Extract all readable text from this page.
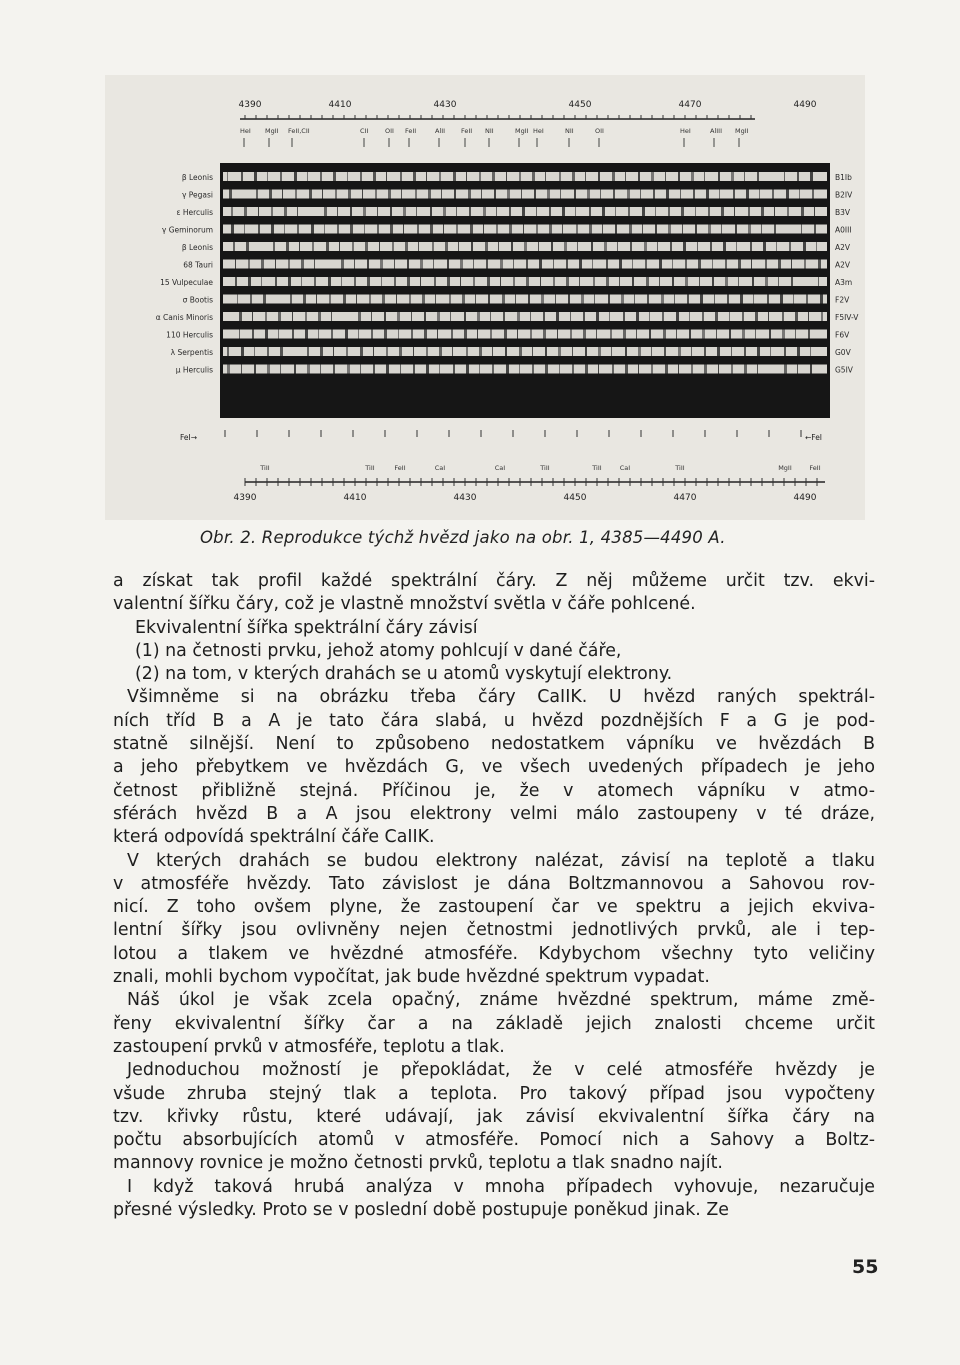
4390	4410	4430	4450	4470	4490
HeI MgII FeII,CII	CII	OII FeII	AlII FeII NII	MgII HeI	NII	OII	HeI	AlIII MgII
β Leonis	B1Ib
γ Pegasi	B2IV
ε Herculis	B3V
γ Geminorum	A0III
β Leonis	A2V
68 Tauri	A2V
15 Vulpeculae	A3m
σ Bootis	F2V
α Canis Minoris	F5IV-V
110 Herculis	F6V
λ Serpentis	G0V
μ Herculis	G5IV
FeI→	←FeI
TiII	TiII	FeII	CaI	CaI	TiII	TiII	CaI	TiII	MgII	FeII
4390	4410	4430	4450	4470	4490
Obr. 2. Reprodukce týchž hvězd jako na obr. 1, 4385—4490 A.

a získat tak profil každé spektrální čáry. Z něj můžeme určit tzv. ekvi-
valentní šířku čáry, což je vlastně množství světla v čáře pohlcené.

Ekvivalentní šířka spektrální čáry závisí

(1) na četnosti prvku, jehož atomy pohlcují v dané čáře,

(2) na tom, v kterých drahách se u atomů vyskytují elektrony.

Všimněme si na obrázku třeba čáry CaIIK. U hvězd raných spektrál-
ních tříd B a A je tato čára slabá, u hvězd pozdnějších F a G je pod-
statně silnější. Není to způsobeno nedostatkem vápníku ve hvězdách B
a jeho přebytkem ve hvězdách G, ve všech uvedených případech je jeho
četnost přibližně stejná. Příčinou je, že v atomech vápníku v atmo-
sférách hvězd B a A jsou elektrony velmi málo zastoupeny v té dráze,
která odpovídá spektrální čáře CaIIK.

V kterých drahách se budou elektrony nalézat, závisí na teplotě a tlaku
v atmosféře hvězdy. Tato závislost je dána Boltzmannovou a Sahovou rov-
nicí. Z toho ovšem plyne, že zastoupení čar ve spektru a jejich ekviva-
lentní šířky jsou ovlivněny nejen četnostmi jednotlivých prvků, ale i tep-
lotou a tlakem ve hvězdné atmosféře. Kdybychom všechny tyto veličiny
znali, mohli bychom vypočítat, jak bude hvězdné spektrum vypadat.

Náš úkol je však zcela opačný, známe hvězdné spektrum, máme změ-
řeny ekvivalentní šířky čar a na základě jejich znalosti chceme určit
zastoupení prvků v atmosféře, teplotu a tlak.

Jednoduchou možností je přepokládat, že v celé atmosféře hvězdy je
všude zhruba stejný tlak a teplota. Pro takový případ jsou vypočteny
tzv. křivky růstu, které udávají, jak závisí ekvivalentní šířka čáry na
počtu absorbujících atomů v atmosféře. Pomocí nich a Sahovy a Boltz-
mannovy rovnice je možno četnosti prvků, teplotu a tlak snadno najít.

I když taková hrubá analýza v mnoha případech vyhovuje, nezaručuje
přesné výsledky. Proto se v poslední době postupuje poněkud jinak. Ze

55
